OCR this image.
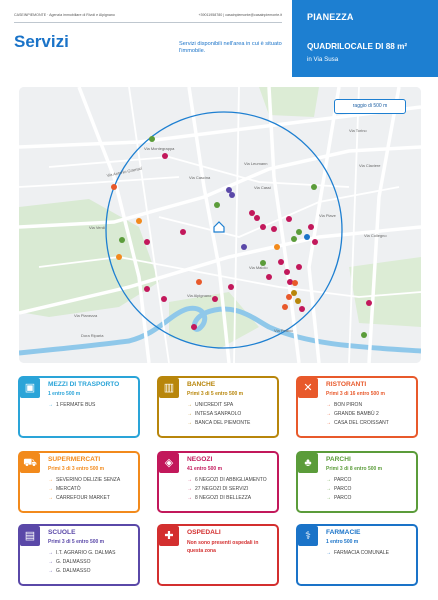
CASEINPIEMONTE · Agenzia immobiliare di Rivoli e Alpignano	+39011958780 | casainpiemonte@casainpiemonte.it
Servizi	Servizi disponibili nell'area in cui è situato l'immobile.
PIANEZZA
QUADRILOCALE DI 88 m²
in Via Susa
Via Antonio Gramsci
Via Leumann
Via Montegrappa
Via Cassi
Via Cascina
Via Piave
Via Verdi
Via Pianezza
Via Alpignano
Via Claviere
Via Torino
Via Collegno
Via Maiolo
Dora Riparia
Via Pellico
raggio di 500 m
▣	MEZZI DI TRASPORTO
1 entro 500 m
→ 1 FERMATE BUS
▥	BANCHE
Primi 3 di 5 entro 500 m
→ UNICREDIT SPA
→ INTESA SANPAOLO
→ BANCA DEL PIEMONTE
✕	RISTORANTI
Primi 3 di 16 entro 500 m
→ BON PIRON
→ GRANDE BAMBÙ 2
→ CASA DEL CROISSANT
⛟	SUPERMERCATI
Primi 3 di 3 entro 500 m
→ SEVERINO DELIZIE SENZA
→ MERCATÒ
→ CARREFOUR MARKET
◈	NEGOZI
41 entro 500 m
→ 6 NEGOZI DI ABBIGLIAMENTO
→ 27 NEGOZI DI SERVIZI
→ 8 NEGOZI DI BELLEZZA
♣	PARCHI
Primi 3 di 8 entro 500 m
→ PARCO
→ PARCO
→ PARCO
▤	SCUOLE
Primi 3 di 5 entro 500 m
→ I.T. AGRARIO G. DALMAS
→ G. DALMASSO
→ G. DALMASSO
✚	OSPEDALI
Non sono presenti ospedali in questa zona
⚕	FARMACIE
1 entro 500 m
→ FARMACIA COMUNALE
